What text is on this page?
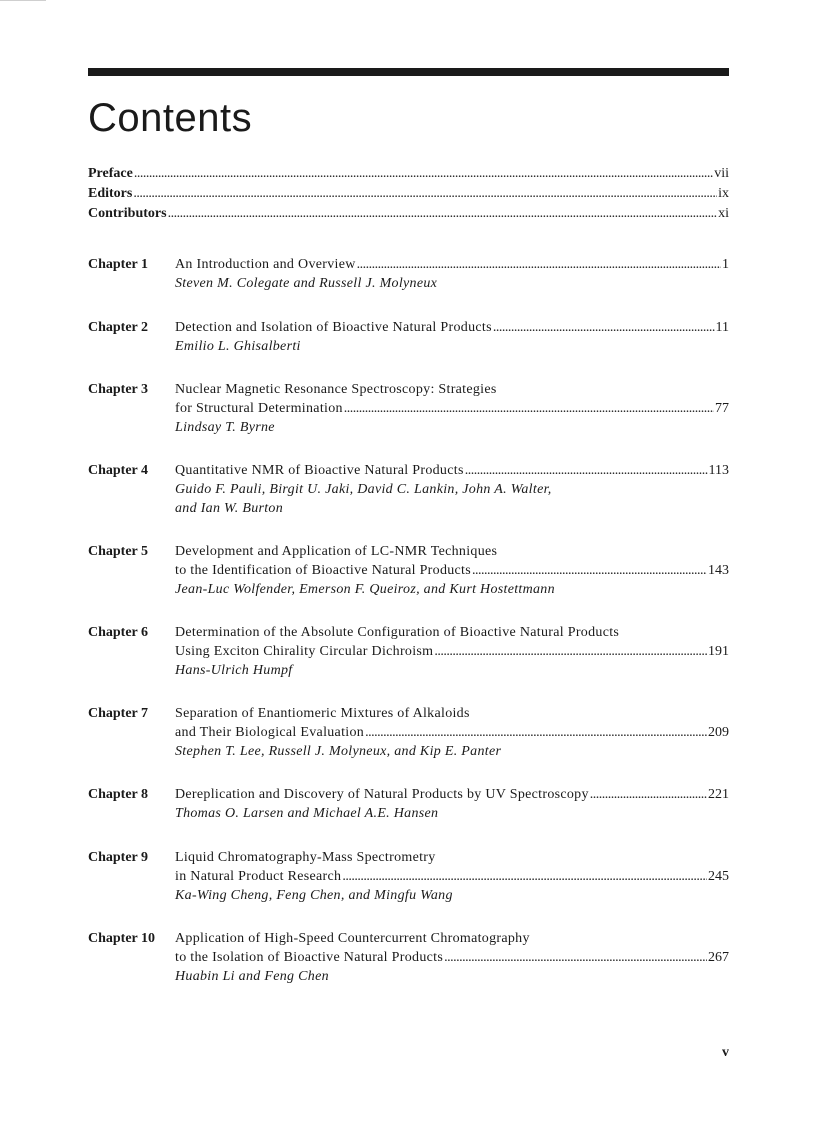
Contents
Preface . . .	vii
Editors . . .	ix
Contributors . . .	xi
Chapter 1 An Introduction and Overview . . .	1
Steven M. Colegate and Russell J. Molyneux
Chapter 2 Detection and Isolation of Bioactive Natural Products . . .	11
Emilio L. Ghisalberti
Chapter 3 Nuclear Magnetic Resonance Spectroscopy: Strategies
for Structural Determination . . .	77
Lindsay T. Byrne
Chapter 4 Quantitative NMR of Bioactive Natural Products . . .	113
Guido F. Pauli, Birgit U. Jaki, David C. Lankin, John A. Walter,
and Ian W. Burton
Chapter 5 Development and Application of LC-NMR Techniques
to the Identification of Bioactive Natural Products . . .	143
Jean-Luc Wolfender, Emerson F. Queiroz, and Kurt Hostettmann
Chapter 6 Determination of the Absolute Configuration of Bioactive Natural Products
Using Exciton Chirality Circular Dichroism . . .	191
Hans-Ulrich Humpf
Chapter 7 Separation of Enantiomeric Mixtures of Alkaloids
and Their Biological Evaluation . . .	209
Stephen T. Lee, Russell J. Molyneux, and Kip E. Panter
Chapter 8 Dereplication and Discovery of Natural Products by UV Spectroscopy . . .	221
Thomas O. Larsen and Michael A.E. Hansen
Chapter 9 Liquid Chromatography-Mass Spectrometry
in Natural Product Research . . .	245
Ka-Wing Cheng, Feng Chen, and Mingfu Wang
Chapter 10 Application of High-Speed Countercurrent Chromatography
to the Isolation of Bioactive Natural Products . . .	267
Huabin Li and Feng Chen
v
